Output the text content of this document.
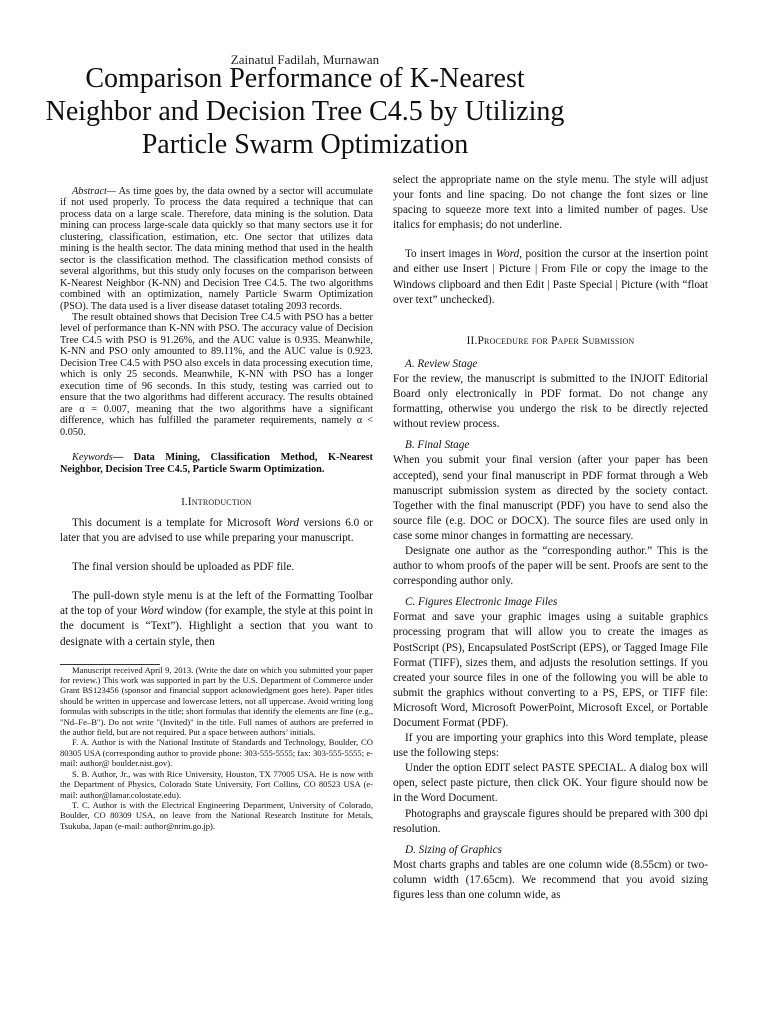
Zainatul Fadilah, Murnawan
Comparison Performance of K-Nearest
Neighbor and Decision Tree C4.5 by Utilizing
Particle Swarm Optimization

Abstract— As time goes by, the data owned by a sector will accumulate if not used properly. To process the data required a technique that can process data on a large scale. Therefore, data mining is the solution. Data mining can process large-scale data quickly so that many sectors use it for clustering, classification, estimation, etc. One sector that utilizes data mining is the health sector. The data mining method that used in the health sector is the classification method. The classification method consists of several algorithms, but this study only focuses on the comparison between K-Nearest Neighbor (K-NN) and Decision Tree C4.5. The two algorithms combined with an optimization, namely Particle Swarm Optimization (PSO). The data used is a liver disease dataset totaling 2093 records.

The result obtained shows that Decision Tree C4.5 with PSO has a better level of performance than K-NN with PSO. The accuracy value of Decision Tree C4.5 with PSO is 91.26%, and the AUC value is 0.935. Meanwhile, K-NN and PSO only amounted to 89.11%, and the AUC value is 0.923. Decision Tree C4.5 with PSO also excels in data processing execution time, which is only 25 seconds. Meanwhile, K-NN with PSO has a longer execution time of 96 seconds. In this study, testing was carried out to ensure that the two algorithms had different accuracy. The results obtained are α = 0.007, meaning that the two algorithms have a significant difference, which has fulfilled the parameter requirements, namely α < 0.050.

Keywords— Data Mining, Classification Method, K-Nearest Neighbor, Decision Tree C4.5, Particle Swarm Optimization.

I.Introduction

This document is a template for Microsoft Word versions 6.0 or later that you are advised to use while preparing your manuscript.

The final version should be uploaded as PDF file.

The pull-down style menu is at the left of the Formatting Toolbar at the top of your Word window (for example, the style at this point in the document is “Text”). Highlight a section that you want to designate with a certain style, then

Manuscript received April 9, 2013. (Write the date on which you submitted your paper for review.) This work was supported in part by the U.S. Department of Commerce under Grant BS123456 (sponsor and financial support acknowledgment goes here). Paper titles should be written in uppercase and lowercase letters, not all uppercase. Avoid writing long formulas with subscripts in the title; short formulas that identify the elements are fine (e.g., "Nd–Fe–B"). Do not write "(Invited)" in the title. Full names of authors are preferred in the author field, but are not required. Put a space between authors’ initials.

F. A. Author is with the National Institute of Standards and Technology, Boulder, CO 80305 USA (corresponding author to provide phone: 303-555-5555; fax: 303-555-5555; e-mail: author@ boulder.nist.gov).

S. B. Author, Jr., was with Rice University, Houston, TX 77005 USA. He is now with the Department of Physics, Colorado State University, Fort Collins, CO 80523 USA (e-mail: author@lamar.colostate.edu).

T. C. Author is with the Electrical Engineering Department, University of Colorado, Boulder, CO 80309 USA, on leave from the National Research Institute for Metals, Tsukuba, Japan (e-mail: author@nrim.go.jp).

select the appropriate name on the style menu. The style will adjust your fonts and line spacing. Do not change the font sizes or line spacing to squeeze more text into a limited number of pages. Use italics for emphasis; do not underline.

To insert images in Word, position the cursor at the insertion point and either use Insert | Picture | From File or copy the image to the Windows clipboard and then Edit | Paste Special | Picture (with “float over text” unchecked).

II.Procedure for Paper Submission

A. Review Stage

For the review, the manuscript is submitted to the INJOIT Editorial Board only electronically in PDF format. Do not change any formatting, otherwise you undergo the risk to be directly rejected without review process.

B. Final Stage

When you submit your final version (after your paper has been accepted), send your final manuscript in PDF format through a Web manuscript submission system as directed by the society contact. Together with the final manuscript (PDF) you have to send also the source file (e.g. DOC or DOCX). The source files are used only in case some minor changes in formatting are necessary.

Designate one author as the “corresponding author.” This is the author to whom proofs of the paper will be sent. Proofs are sent to the corresponding author only.

C. Figures Electronic Image Files

Format and save your graphic images using a suitable graphics processing program that will allow you to create the images as PostScript (PS), Encapsulated PostScript (EPS), or Tagged Image File Format (TIFF), sizes them, and adjusts the resolution settings. If you created your source files in one of the following you will be able to submit the graphics without converting to a PS, EPS, or TIFF file: Microsoft Word, Microsoft PowerPoint, Microsoft Excel, or Portable Document Format (PDF).

If you are importing your graphics into this Word template, please use the following steps:

Under the option EDIT select PASTE SPECIAL. A dialog box will open, select paste picture, then click OK. Your figure should now be in the Word Document.

Photographs and grayscale figures should be prepared with 300 dpi resolution.

D. Sizing of Graphics

Most charts graphs and tables are one column wide (8.55cm) or two-column width (17.65cm). We recommend that you avoid sizing figures less than one column wide, as
